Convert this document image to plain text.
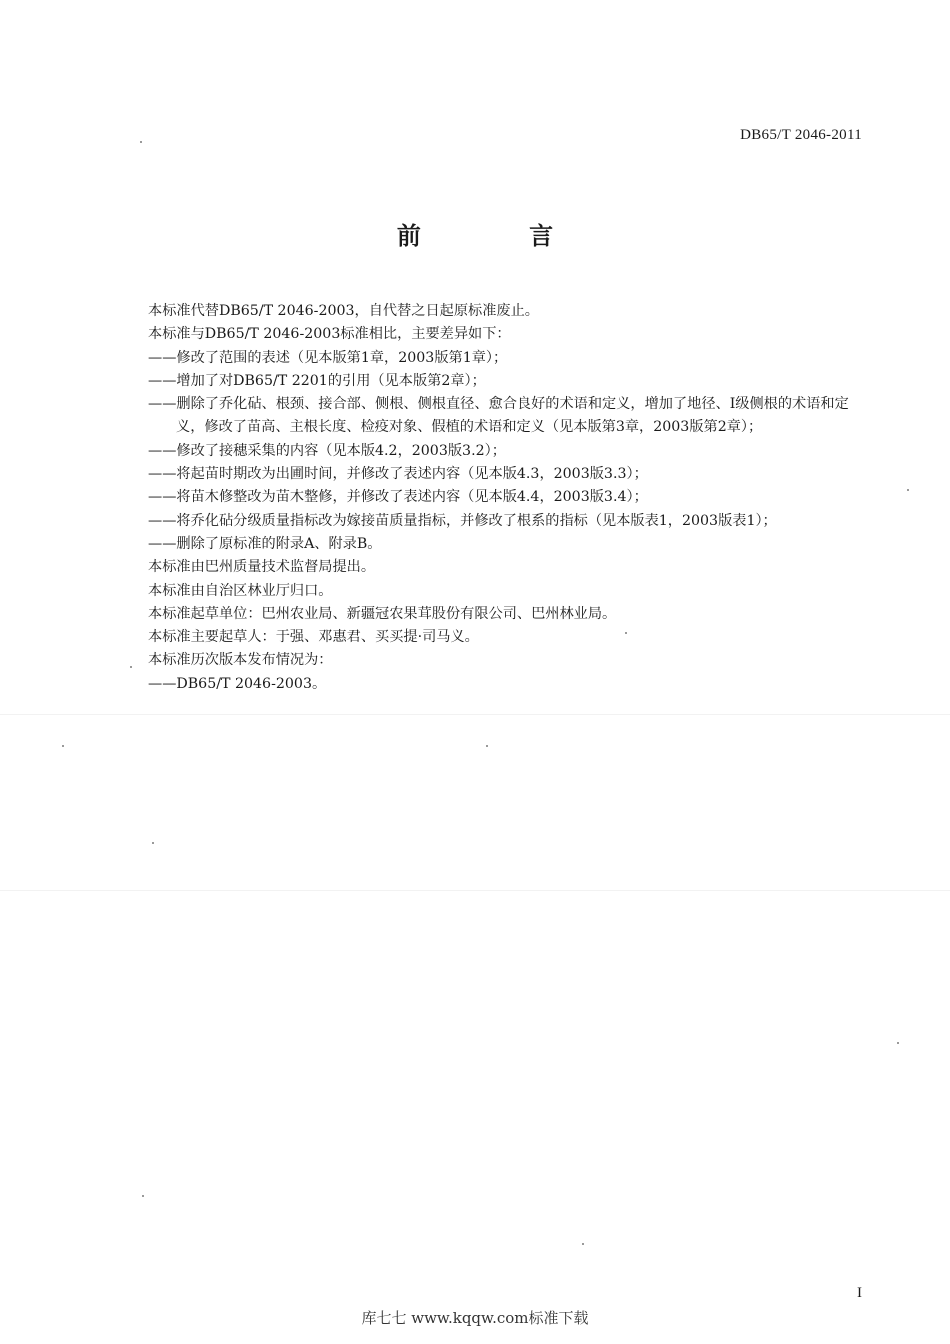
DB65/T 2046-2011
前 言

本标准代替DB65/T 2046-2003，自代替之日起原标准废止。

本标准与DB65/T 2046-2003标准相比，主要差异如下：

——修改了范围的表述（见本版第1章，2003版第1章）；

——增加了对DB65/T 2201的引用（见本版第2章）；

——删除了乔化砧、根颈、接合部、侧根、侧根直径、愈合良好的术语和定义，增加了地径、I级侧根的术语和定义，修改了苗高、主根长度、检疫对象、假植的术语和定义（见本版第3章，2003版第2章）；

——修改了接穗采集的内容（见本版4.2，2003版3.2）；

——将起苗时期改为出圃时间，并修改了表述内容（见本版4.3，2003版3.3）；

——将苗木修整改为苗木整修，并修改了表述内容（见本版4.4，2003版3.4）；

——将乔化砧分级质量指标改为嫁接苗质量指标，并修改了根系的指标（见本版表1，2003版表1）；

——删除了原标准的附录A、附录B。

本标准由巴州质量技术监督局提出。

本标准由自治区林业厅归口。

本标准起草单位：巴州农业局、新疆冠农果茸股份有限公司、巴州林业局。

本标准主要起草人：于强、邓惠君、买买提·司马义。

本标准历次版本发布情况为：

——DB65/T 2046-2003。

I
库七七 www.kqqw.com标准下载
